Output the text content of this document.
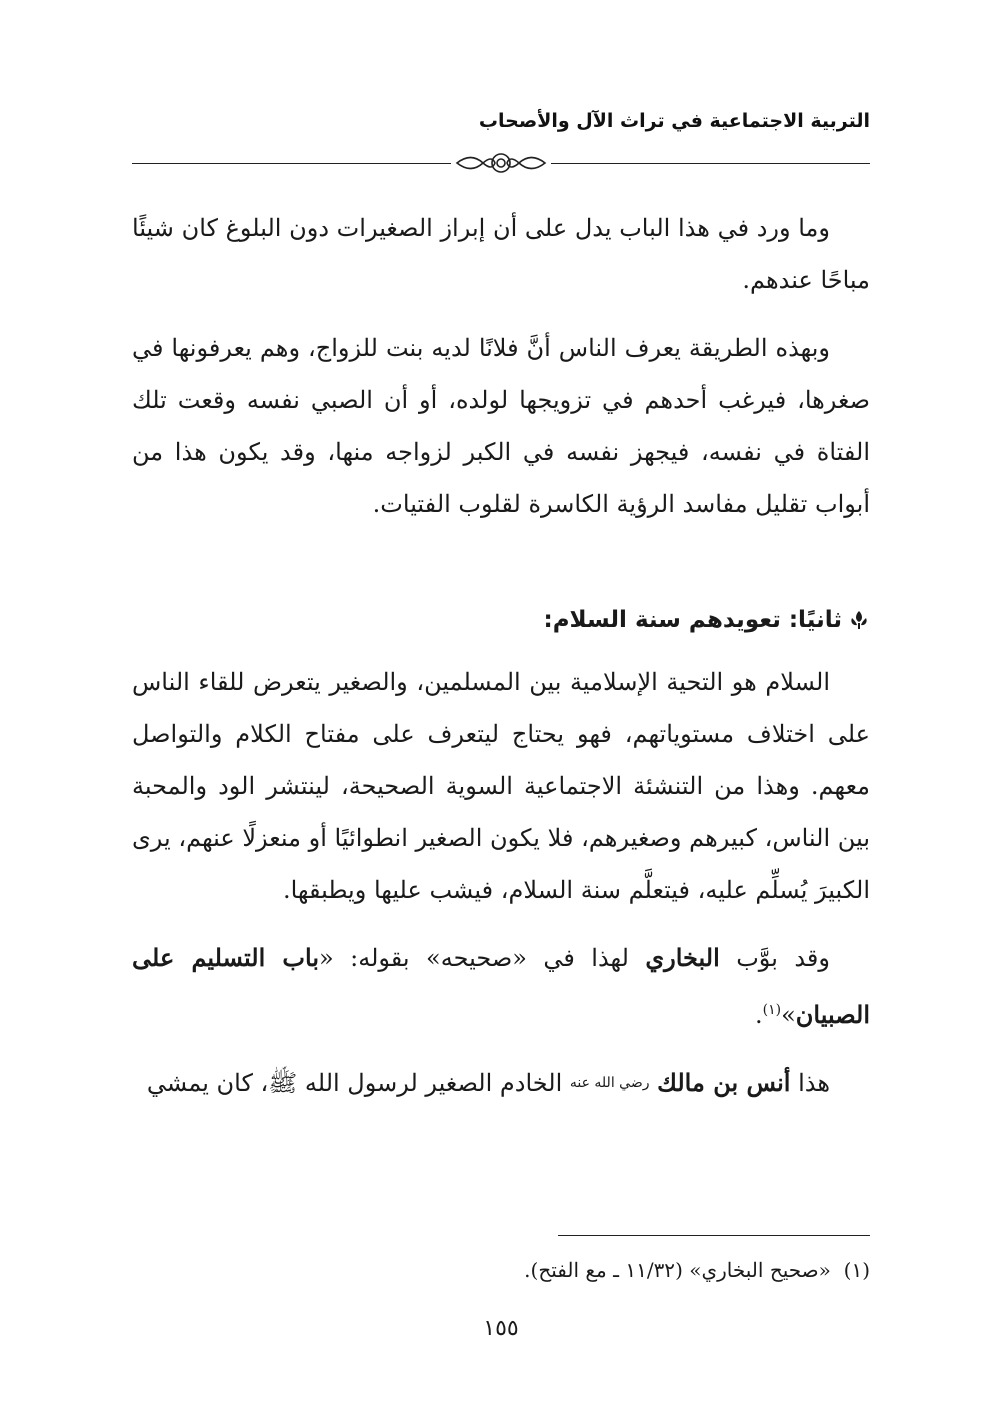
التربية الاجتماعية في تراث الآل والأصحاب

وما ورد في هذا الباب يدل على أن إبراز الصغيرات دون البلوغ كان شيئًا مباحًا عندهم.

وبهذه الطريقة يعرف الناس أنَّ فلانًا لديه بنت للزواج، وهم يعرفونها في صغرها، فيرغب أحدهم في تزويجها لولده، أو أن الصبي نفسه وقعت تلك الفتاة في نفسه، فيجهز نفسه في الكبر لزواجه منها، وقد يكون هذا من أبواب تقليل مفاسد الرؤية الكاسرة لقلوب الفتيات.

ثانيًا: تعويدهم سنة السلام:

السلام هو التحية الإسلامية بين المسلمين، والصغير يتعرض للقاء الناس على اختلاف مستوياتهم، فهو يحتاج ليتعرف على مفتاح الكلام والتواصل معهم. وهذا من التنشئة الاجتماعية السوية الصحيحة، لينتشر الود والمحبة بين الناس، كبيرهم وصغيرهم، فلا يكون الصغير انطوائيًا أو منعزلًا عنهم، يرى الكبيرَ يُسلِّم عليه، فيتعلَّم سنة السلام، فيشب عليها ويطبقها.

وقد بوَّب البخاري لهذا في «صحيحه» بقوله: «باب التسليم على الصبيان»$^{(١)}$.

هذا أنس بن مالك رضي الله عنه الخادم الصغير لرسول الله ﷺ، كان يمشي

(١)  «صحيح البخاري» (١١/٣٢ ـ مع الفتح).

١٥٥
